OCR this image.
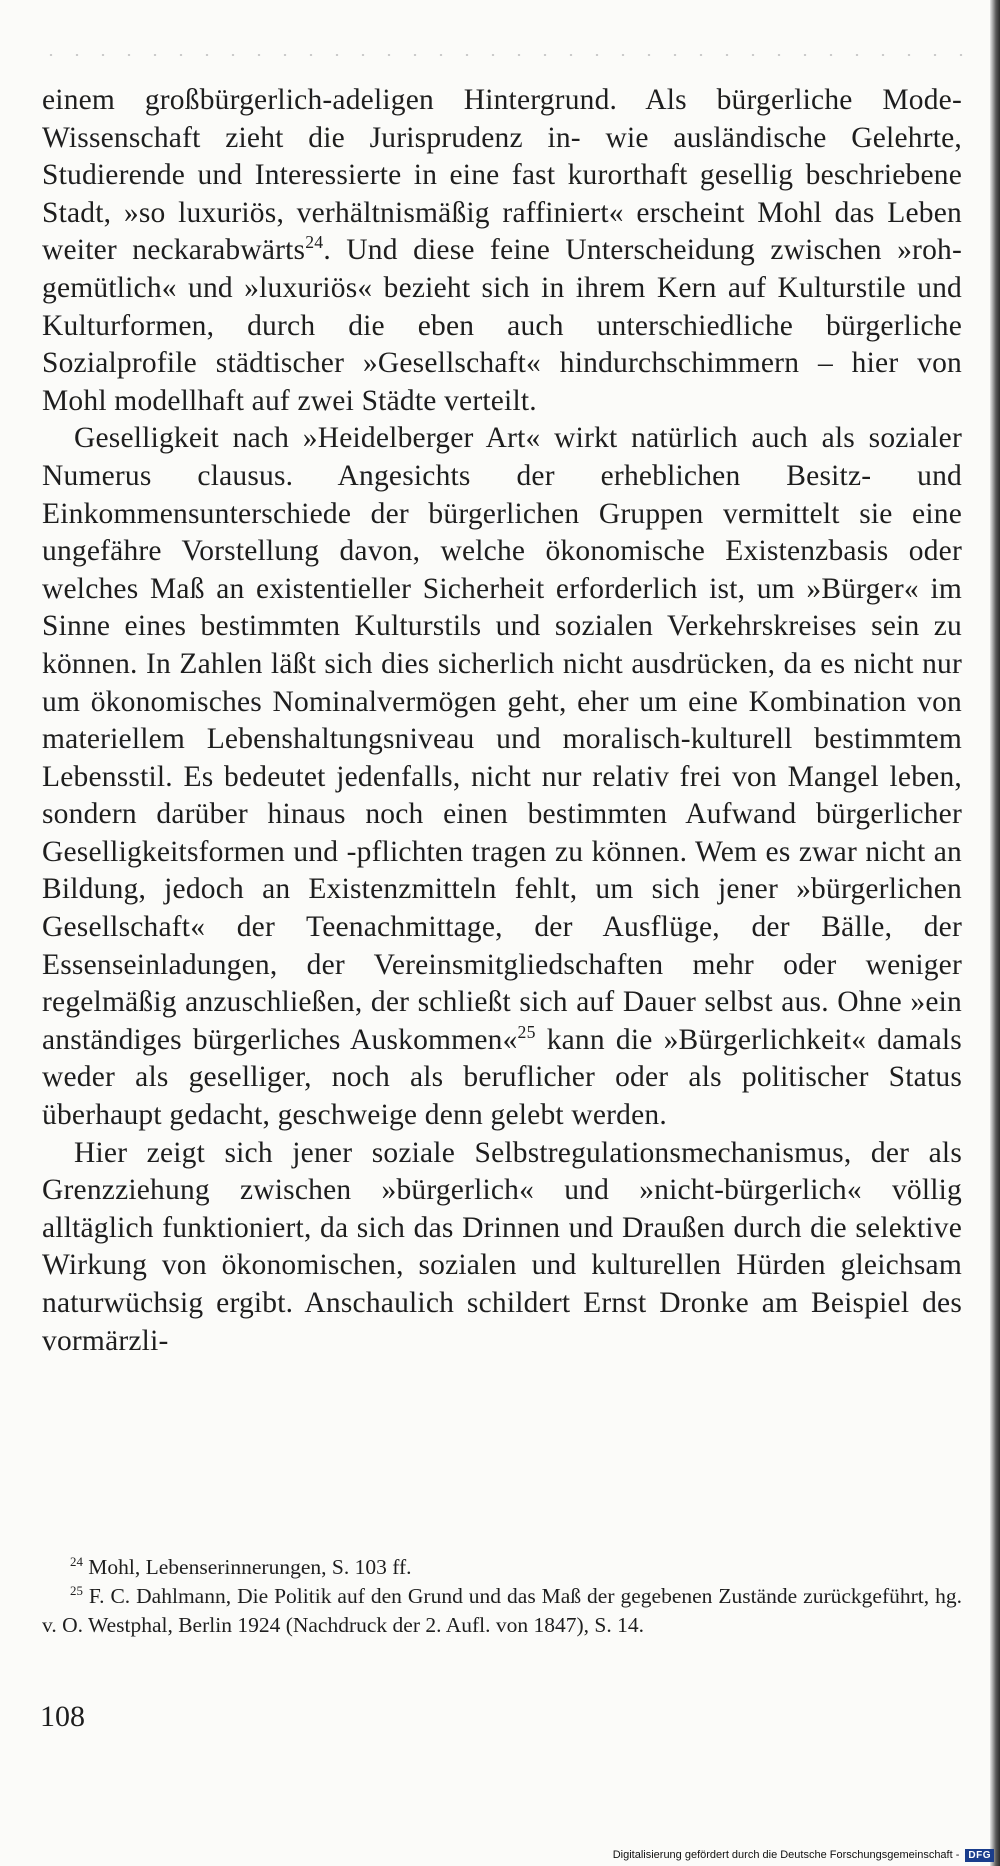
einem großbürgerlich-adeligen Hintergrund. Als bürgerliche Mode-Wissenschaft zieht die Jurisprudenz in- wie ausländische Gelehrte, Studierende und Interessierte in eine fast kurorthaft gesellig beschriebene Stadt, »so luxuriös, verhältnismäßig raffiniert« erscheint Mohl das Leben weiter neckarabwärts$^{24}$. Und diese feine Unterscheidung zwischen »roh-gemütlich« und »luxuriös« bezieht sich in ihrem Kern auf Kulturstile und Kulturformen, durch die eben auch unterschiedliche bürgerliche Sozialprofile städtischer »Gesellschaft« hindurchschimmern – hier von Mohl modellhaft auf zwei Städte verteilt.

Geselligkeit nach »Heidelberger Art« wirkt natürlich auch als sozialer Numerus clausus. Angesichts der erheblichen Besitz- und Einkommensunterschiede der bürgerlichen Gruppen vermittelt sie eine ungefähre Vorstellung davon, welche ökonomische Existenzbasis oder welches Maß an existentieller Sicherheit erforderlich ist, um »Bürger« im Sinne eines bestimmten Kulturstils und sozialen Verkehrskreises sein zu können. In Zahlen läßt sich dies sicherlich nicht ausdrücken, da es nicht nur um ökonomisches Nominalvermögen geht, eher um eine Kombination von materiellem Lebenshaltungsniveau und moralisch-kulturell bestimmtem Lebensstil. Es bedeutet jedenfalls, nicht nur relativ frei von Mangel leben, sondern darüber hinaus noch einen bestimmten Aufwand bürgerlicher Geselligkeitsformen und -pflichten tragen zu können. Wem es zwar nicht an Bildung, jedoch an Existenzmitteln fehlt, um sich jener »bürgerlichen Gesellschaft« der Teenachmittage, der Ausflüge, der Bälle, der Essenseinladungen, der Vereinsmitgliedschaften mehr oder weniger regelmäßig anzuschließen, der schließt sich auf Dauer selbst aus. Ohne »ein anständiges bürgerliches Auskommen«$^{25}$ kann die »Bürgerlichkeit« damals weder als geselliger, noch als beruflicher oder als politischer Status überhaupt gedacht, geschweige denn gelebt werden.

Hier zeigt sich jener soziale Selbstregulationsmechanismus, der als Grenzziehung zwischen »bürgerlich« und »nicht-bürgerlich« völlig alltäglich funktioniert, da sich das Drinnen und Draußen durch die selektive Wirkung von ökonomischen, sozialen und kulturellen Hürden gleichsam naturwüchsig ergibt. Anschaulich schildert Ernst Dronke am Beispiel des vormärzli-

$^{24}$ Mohl, Lebenserinnerungen, S. 103 ff.

$^{25}$ F. C. Dahlmann, Die Politik auf den Grund und das Maß der gegebenen Zustände zurückgeführt, hg. v. O. Westphal, Berlin 1924 (Nachdruck der 2. Aufl. von 1847), S. 14.

108
Digitalisierung gefördert durch die Deutsche Forschungsgemeinschaft - DFG
